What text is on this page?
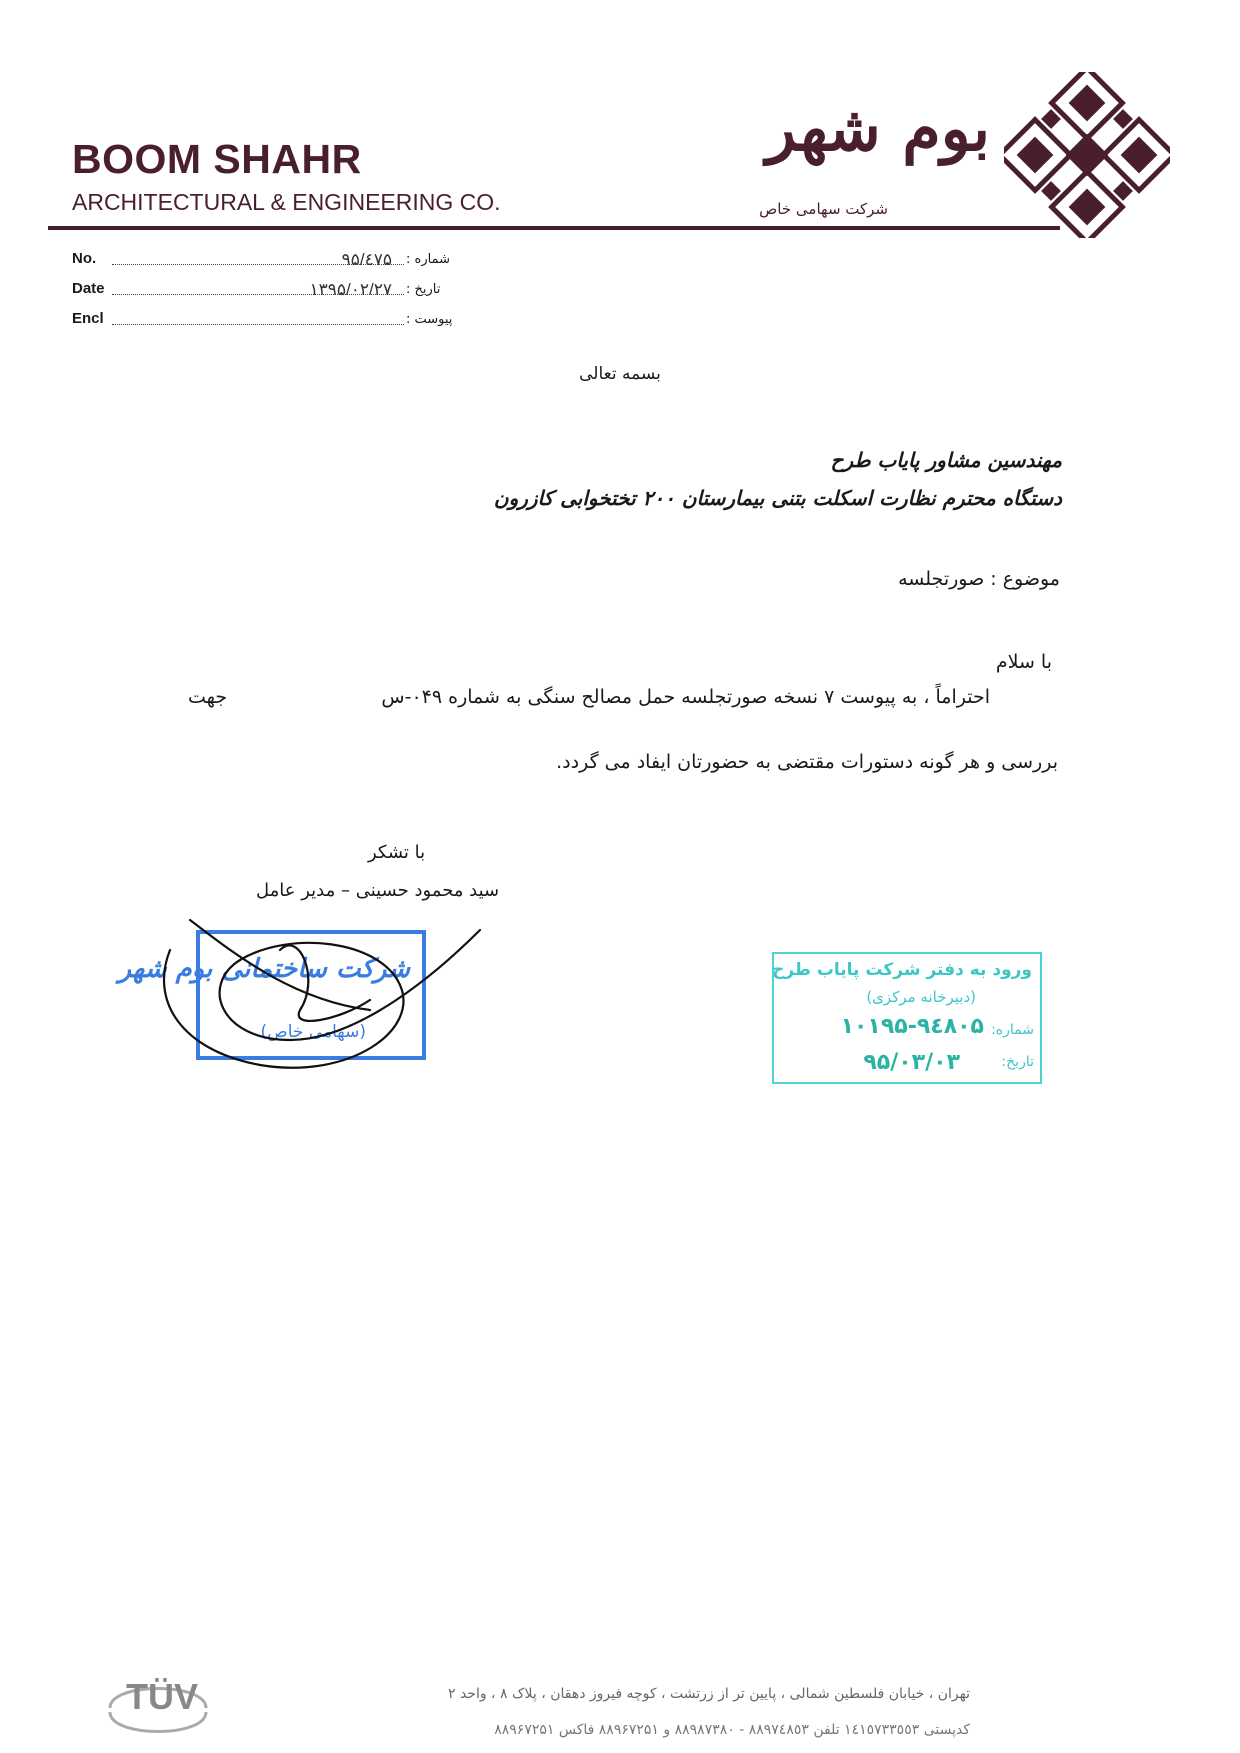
BOOM SHAHR
ARCHITECTURAL & ENGINEERING CO.
بوم شهر
شرکت سهامی خاص
No.	۹۵/٤٧۵ شماره :
Date	۱۳۹۵/۰۲/۲۷ تاریخ :
Encl	پیوست :
بسمه تعالی
مهندسین مشاور پایاب طرح
دستگاه محترم نظارت اسکلت بتنی بیمارستان ۲۰۰ تختخوابی کازرون
موضوع : صورتجلسه
با سلام
احتراماً ، به پیوست ۷ نسخه صورتجلسه حمل مصالح سنگی به شماره ۰۴۹-س
جهت
بررسی و هر گونه دستورات مقتضی به حضورتان ایفاد می گردد.
با تشکر
سید محمود حسینی – مدیر عامل
شرکت ساختمانی بوم شهر
(سهامی خاص)
ورود به دفتر شرکت پایاب طرح
(دبیرخانه مرکزی)
شماره:
۱۰۱۹۵-۹٤۸۰۵
تاریخ:
۹۵/۰۳/۰۳
TÜV	تهران ، خیابان فلسطین شمالی ، پایین تر از زرتشت ، کوچه فیروز دهقان ، پلاک ۸ ، واحد ۲
کدپستی ۱٤١٥٧٣٣٥٥٣ تلفن ۸۸۹۷٤٨٥٣ - ۸۸۹۸۷۳٨۰ و ۸۸۹۶۷۲۵۱ فاکس ۸۸۹۶۷۲۵۱
